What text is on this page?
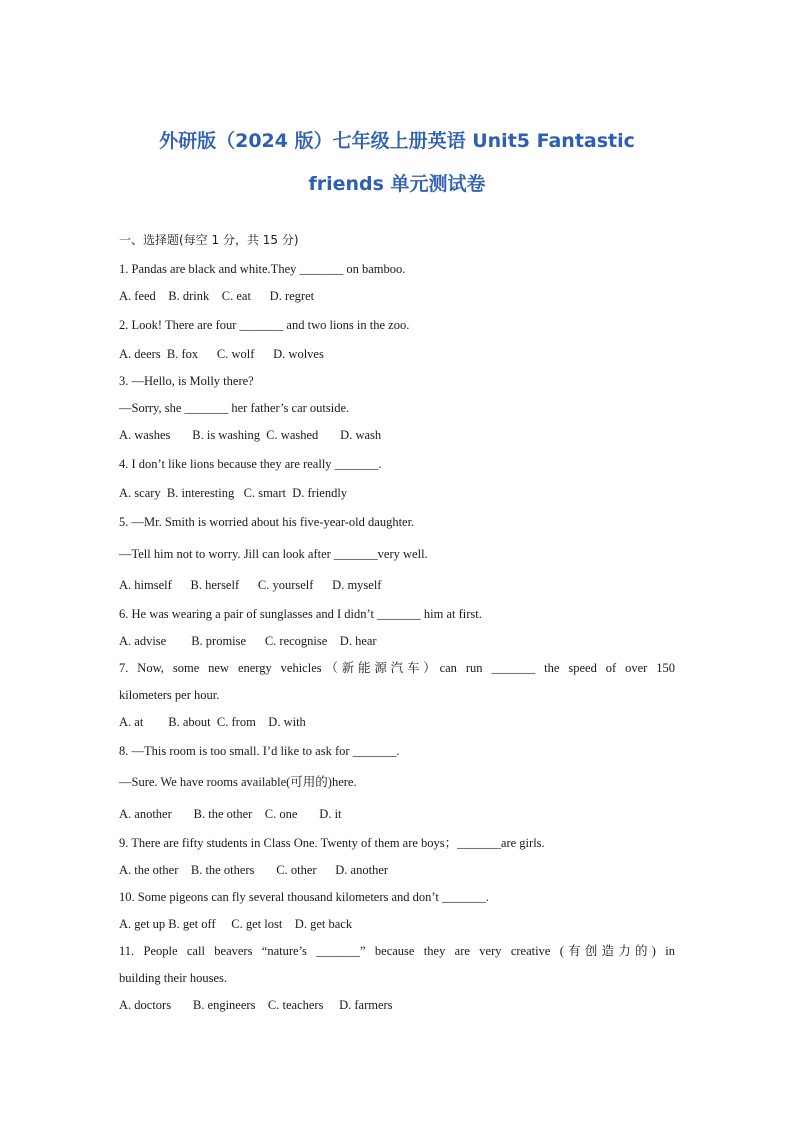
外研版（2024 版）七年级上册英语 Unit5 Fantastic
friends 单元测试卷

一、选择题(每空 1 分，共 15 分)

1. Pandas are black and white.They _______ on bamboo.

A. feed    B. drink    C. eat      D. regret

2. Look! There are four _______ and two lions in the zoo.

A. deers  B. fox      C. wolf      D. wolves

3. —Hello, is Molly there?

—Sorry, she _______ her father’s car outside.

A. washes       B. is washing  C. washed       D. wash

4. I don’t like lions because they are really _______.

A. scary  B. interesting   C. smart  D. friendly

5. —Mr. Smith is worried about his five-year-old daughter.

—Tell him not to worry. Jill can look after _______very well.

A. himself      B. herself      C. yourself      D. myself

6. He was wearing a pair of sunglasses and I didn’t _______ him at first.

A. advise        B. promise      C. recognise    D. hear

7. Now, some new energy vehicles（新能源汽车）can run _______ the speed of over 150

kilometers per hour.

A. at        B. about  C. from    D. with

8. —This room is too small. I’d like to ask for _______.

—Sure. We have rooms available(可用的)here.

A. another       B. the other    C. one       D. it

9. There are fifty students in Class One. Twenty of them are boys；_______are girls.

A. the other    B. the others       C. other      D. another

10. Some pigeons can fly several thousand kilometers and don’t _______.

A. get up B. get off     C. get lost    D. get back

11. People call beavers “nature’s _______” because they are very creative (有创造力的) in

building their houses.

A. doctors       B. engineers    C. teachers     D. farmers
